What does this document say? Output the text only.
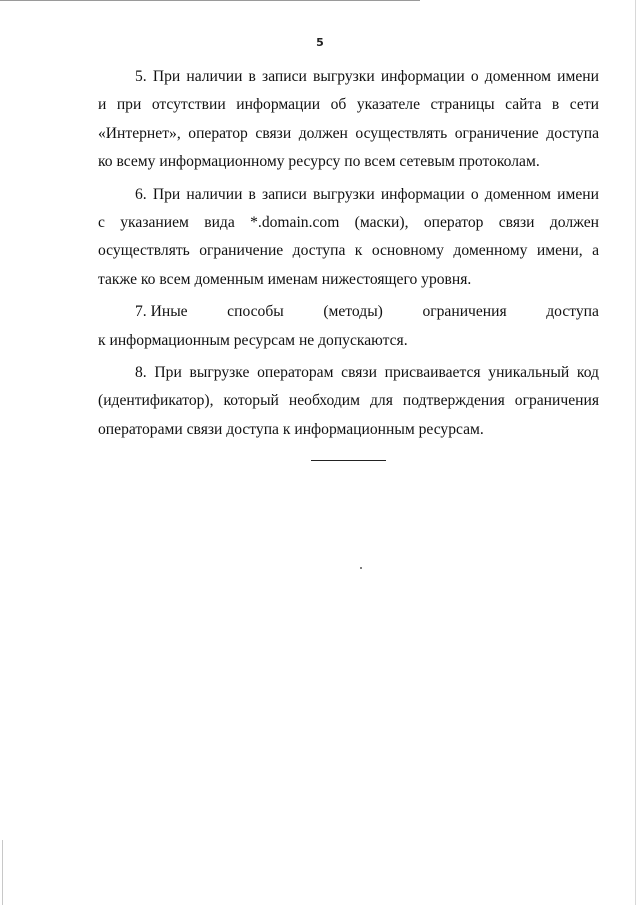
5

5. При наличии в записи выгрузки информации о доменном имени
и при отсутствии информации об указателе страницы сайта в сети
«Интернет», оператор связи должен осуществлять ограничение доступа
ко всему информационному ресурсу по всем сетевым протоколам.

6. При наличии в записи выгрузки информации о доменном имени
с указанием вида *.domain.com (маски), оператор связи должен
осуществлять ограничение доступа к основному доменному имени, а
также ко всем доменным именам нижестоящего уровня.

7. Иные	способы	(методы)	ограничения	доступа
к информационным ресурсам не допускаются.

8. При выгрузке операторам связи присваивается уникальный код
(идентификатор), который необходим для подтверждения ограничения
операторами связи доступа к информационным ресурсам.
